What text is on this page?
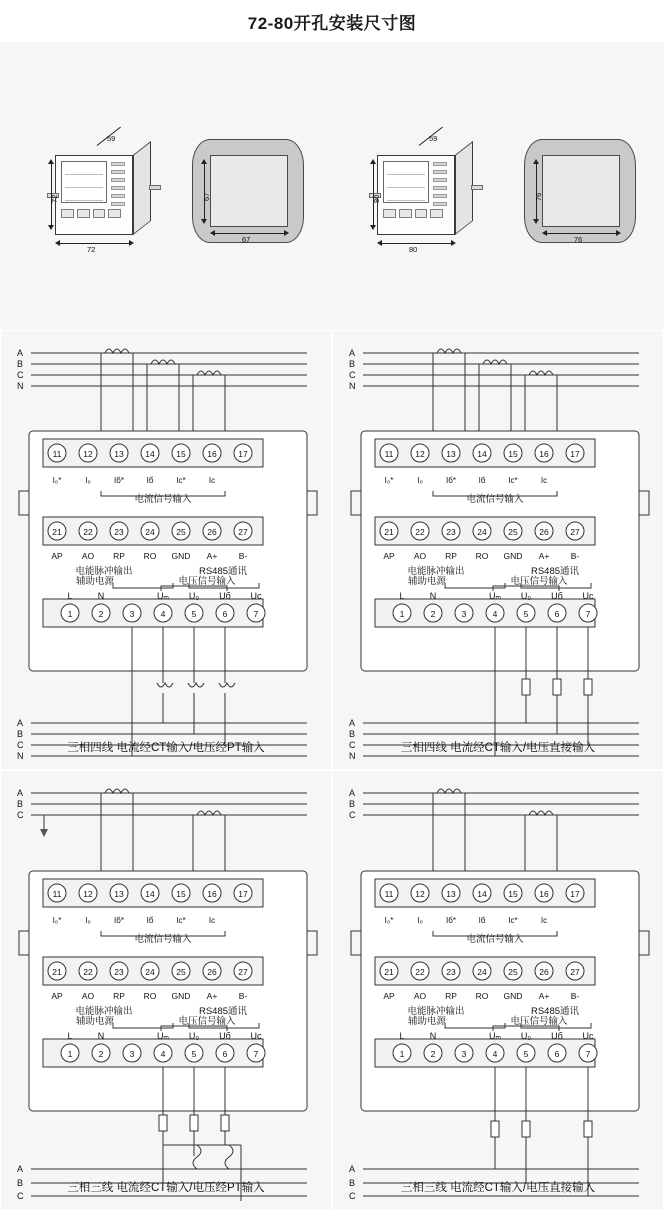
72-80开孔安装尺寸图
72
72
59
67
67
80
80
59
76
76
11	12	13	14	15	16	17
I₀*	I₀	Iб*	Iб	Iс*	Iс
电流信号输入
21	22	23	24	25	26	27
AP AO RP RO GND A+	B-
电能脉冲输出	RS485通讯
1	2	3	4	5	6	7
L	N	Uₘ U₀ Uб Uс
辅助电源	电压信号输入
A
B
C
N
A
B
C
N
三相四线 电流经CT输入/电压经PT输入
11	12	13	14	15	16	17
I₀*	I₀	Iб*	Iб	Iс*	Iс
电流信号输入
21	22	23	24	25	26	27
AP AO RP RO GND A+	B-
电能脉冲输出	RS485通讯
1	2	3	4	5	6	7
L	N	Uₘ U₀ Uб Uс
辅助电源	电压信号输入
A
B
C
N
A
B
C
N
三相四线 电流经CT输入/电压直接输入
11	12	13	14	15	16	17
I₀*	I₀	Iб*	Iб	Iс*	Iс
电流信号输入
21	22	23	24	25	26	27
AP AO RP RO GND A+	B-
电能脉冲输出	RS485通讯
1	2	3	4	5	6	7
L	N	Uₘ U₀ Uб Uс
辅助电源	电压信号输入
A
B
C
A
B
C
三相三线 电流经CT输入/电压经PT输入
11	12	13	14	15	16	17
I₀*	I₀	Iб*	Iб	Iс*	Iс
电流信号输入
21	22	23	24	25	26	27
AP AO RP RO GND A+	B-
电能脉冲输出	RS485通讯
1	2	3	4	5	6	7
L	N	Uₘ U₀ Uб Uс
辅助电源	电压信号输入
A
B
C
A
B
C
三相三线 电流经CT输入/电压直接输入
